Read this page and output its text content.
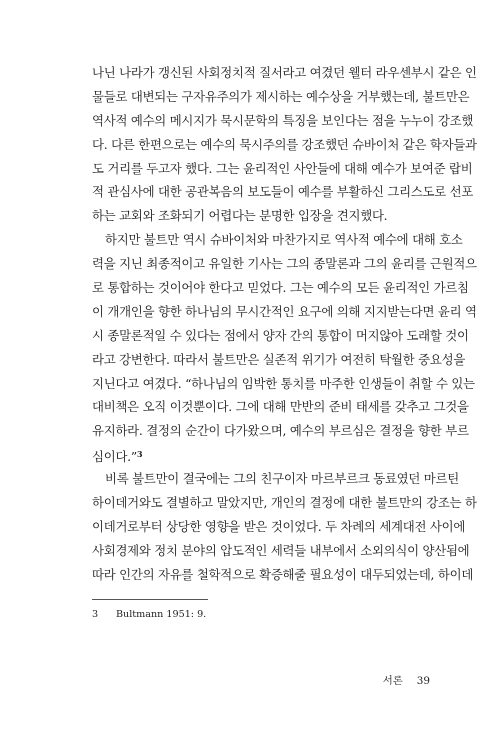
나닌 나라가 갱신된 사회정치적 질서라고 여겼던 웰터 라우센부시 같은 인
물들로 대변되는 구자유주의가 제시하는 예수상을 거부했는데, 불트만은
역사적 예수의 메시지가 묵시문학의 특징을 보인다는 점을 누누이 강조했
다. 다른 한편으로는 예수의 묵시주의를 강조했던 슈바이처 같은 학자들과
도 거리를 두고자 했다. 그는 윤리적인 사안들에 대해 예수가 보여준 랍비
적 관심사에 대한 공관복음의 보도들이 예수를 부활하신 그리스도로 선포
하는 교회와 조화되기 어렵다는 분명한 입장을 견지했다.
하지만 불트만 역시 슈바이처와 마찬가지로 역사적 예수에 대해 호소
력을 지닌 최종적이고 유일한 기사는 그의 종말론과 그의 윤리를 근원적으
로 통합하는 것이어야 한다고 믿었다. 그는 예수의 모든 윤리적인 가르침
이 개개인을 향한 하나님의 무시간적인 요구에 의해 지지받는다면 윤리 역
시 종말론적일 수 있다는 점에서 양자 간의 통합이 머지않아 도래할 것이
라고 강변한다. 따라서 불트만은 실존적 위기가 여전히 탁월한 중요성을
지닌다고 여겼다. “하나님의 임박한 통치를 마주한 인생들이 취할 수 있는
대비책은 오직 이것뿐이다. 그에 대해 만반의 준비 태세를 갖추고 그것을
유지하라. 결정의 순간이 다가왔으며, 예수의 부르심은 결정을 향한 부르
심이다.”$^3$
비록 불트만이 결국에는 그의 친구이자 마르부르크 동료였던 마르틴
하이데거와도 결별하고 말았지만, 개인의 결정에 대한 불트만의 강조는 하
이데거로부터 상당한 영향을 받은 것이었다. 두 차례의 세계대전 사이에
사회경제와 정치 분야의 압도적인 세력들 내부에서 소외의식이 양산됨에
따라 인간의 자유를 철학적으로 확증해줄 필요성이 대두되었는데, 하이데
3 Bultmann 1951: 9.
서론 39
